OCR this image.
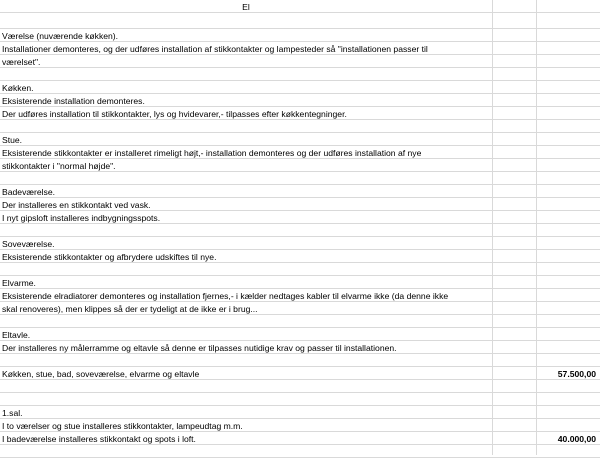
El
Værelse (nuværende køkken).
Installationer demonteres, og der udføres installation af stikkontakter og lampesteder så "installationen passer til
værelset".
Køkken.
Eksisterende installation demonteres.
Der udføres installation til stikkontakter, lys og hvidevarer,- tilpasses efter køkkentegninger.
Stue.
Eksisterende stikkontakter er installeret rimeligt højt,- installation demonteres og der udføres installation af nye
stikkontakter i "normal højde".
Badeværelse.
Der installeres en stikkontakt ved vask.
I nyt gipsloft installeres indbygningsspots.
Soveværelse.
Eksisterende stikkontakter og afbrydere udskiftes til nye.
Elvarme.
Eksisterende elradiatorer demonteres og installation fjernes,- i kælder nedtages kabler til elvarme ikke (da denne ikke
skal renoveres), men klippes så der er tydeligt at de ikke er i brug...
Eltavle.
Der installeres ny målerramme og eltavle så denne er tilpasses nutidige krav og passer til installationen.
Køkken, stue, bad, soveværelse, elvarme og eltavle	57.500,00
1.sal.
I to værelser og stue installeres stikkontakter, lampeudtag m.m.
I badeværelse installeres stikkontakt og spots i loft.	40.000,00
